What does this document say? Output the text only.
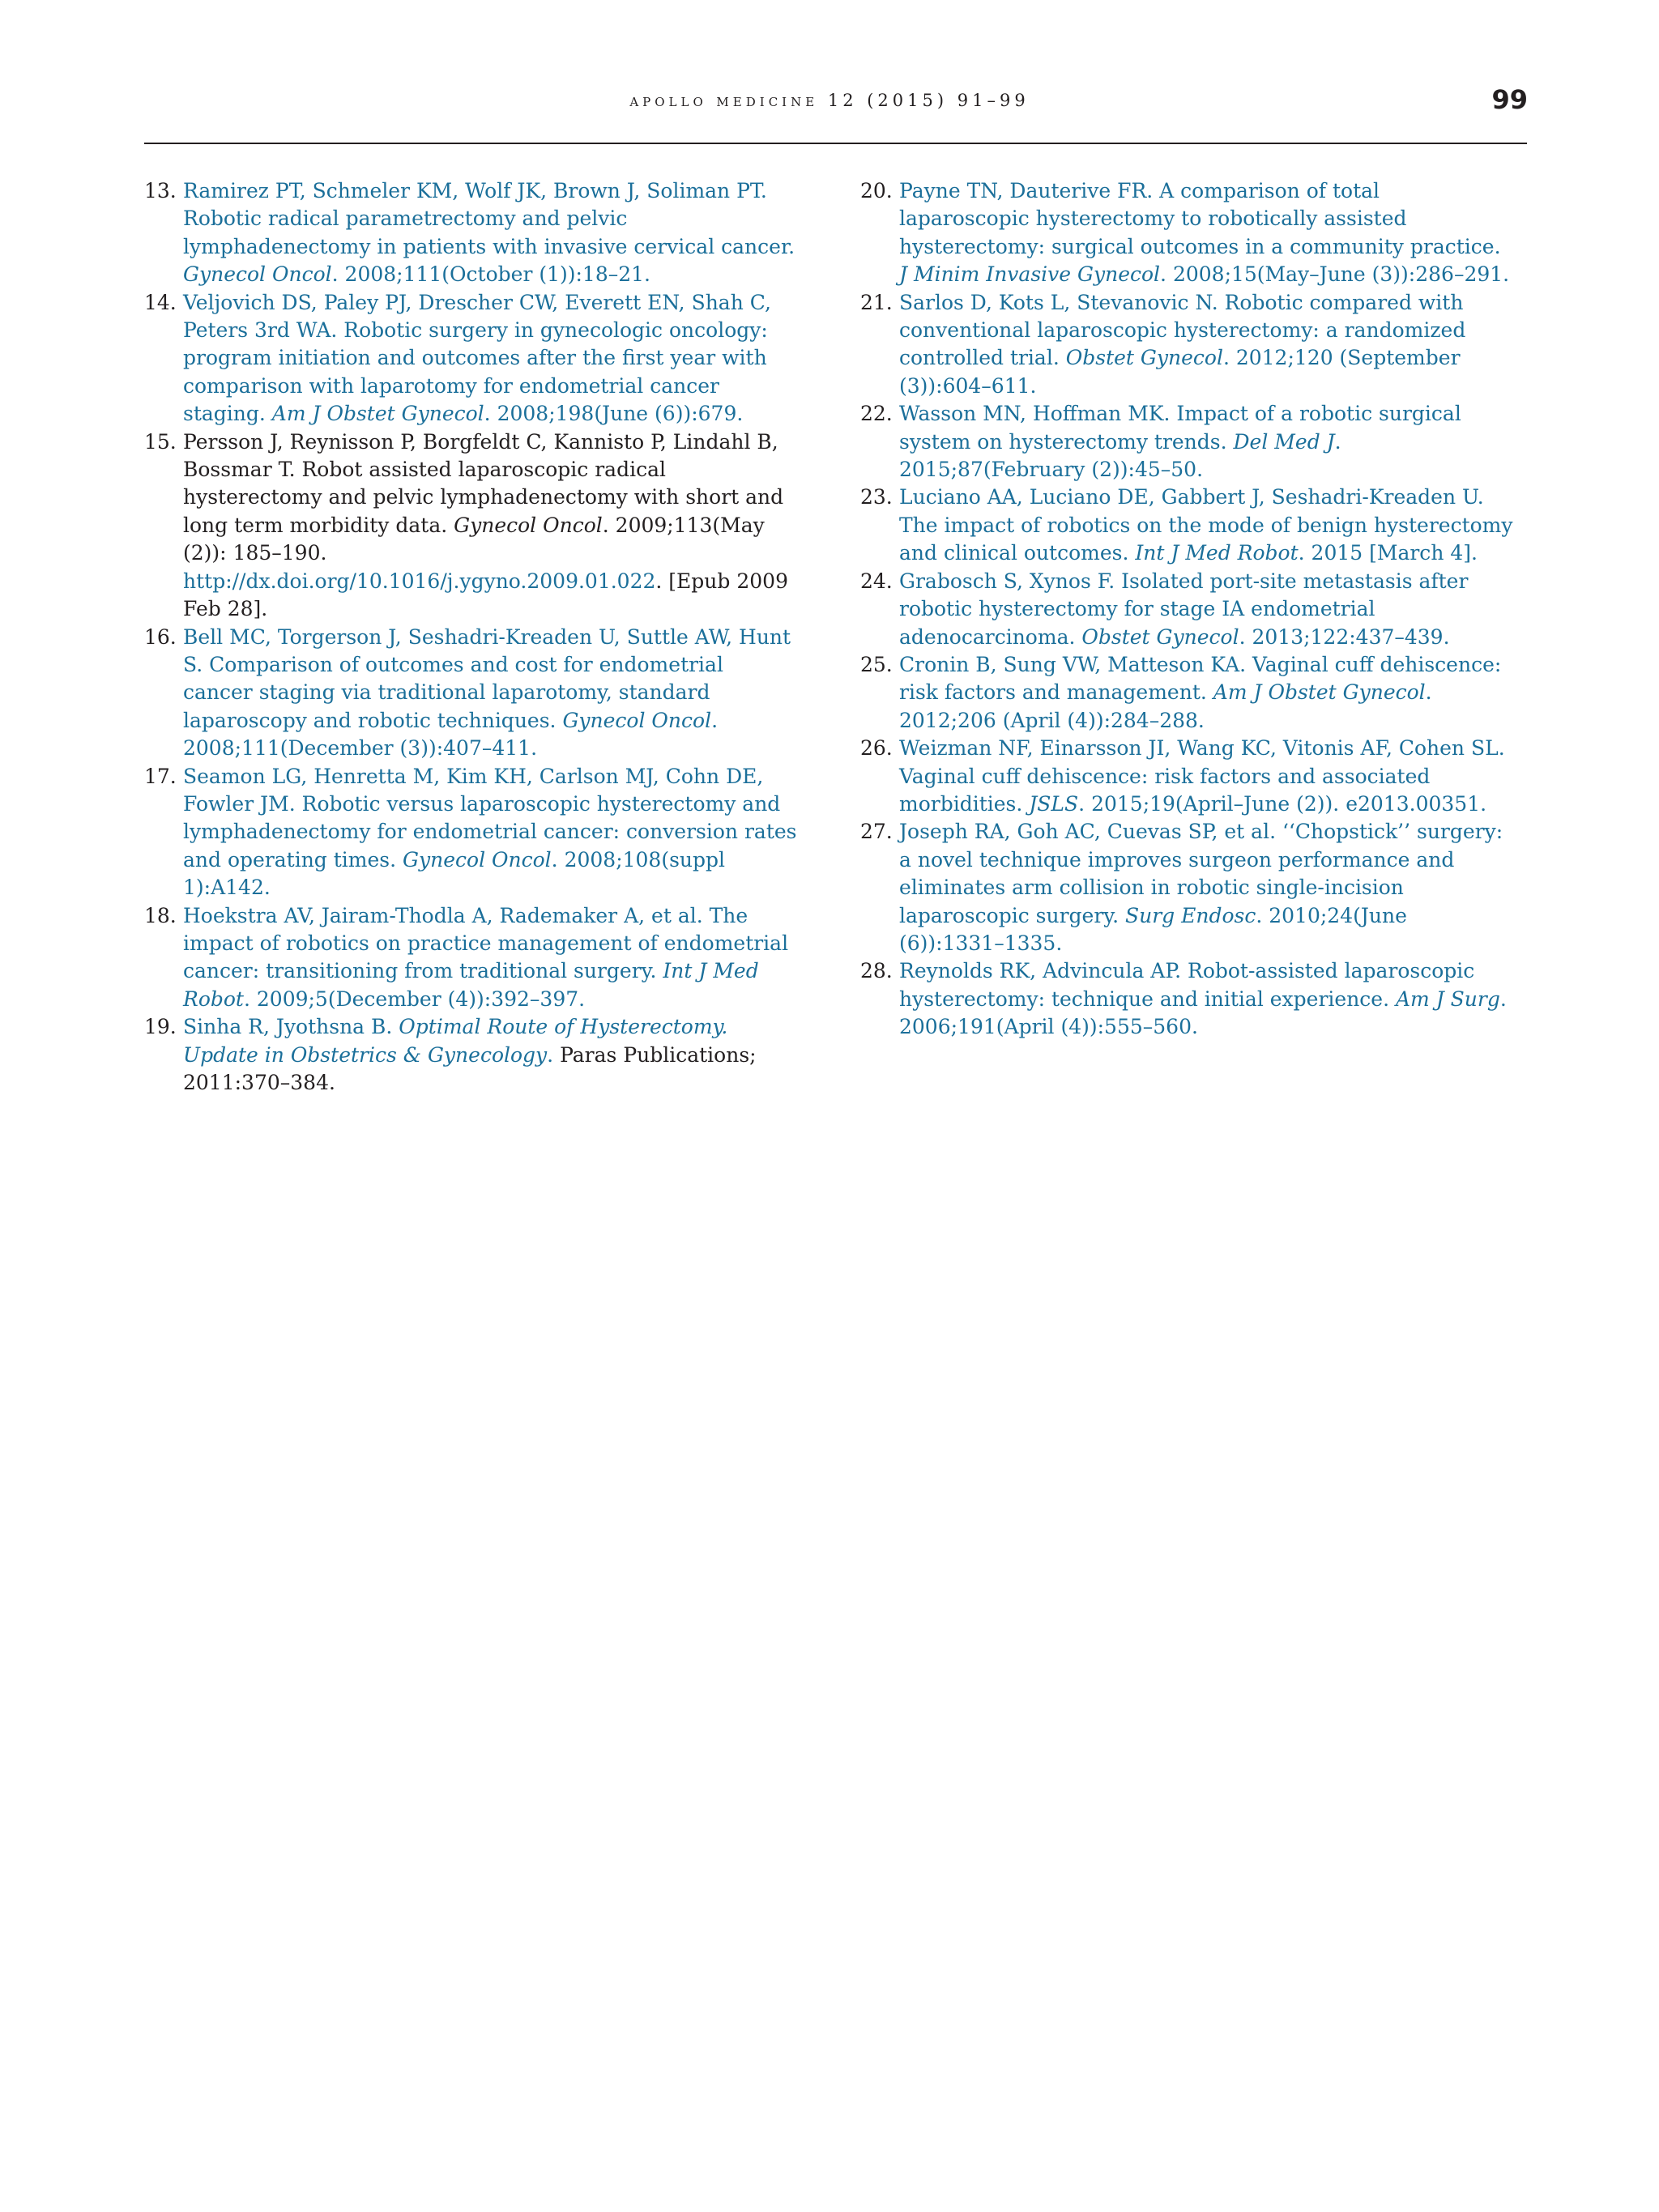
apollo medicine 12 (2015) 91–99	99
13. Ramirez PT, Schmeler KM, Wolf JK, Brown J, Soliman PT. Robotic radical parametrectomy and pelvic lymphadenectomy in patients with invasive cervical cancer. Gynecol Oncol. 2008;111(October (1)):18–21.
14. Veljovich DS, Paley PJ, Drescher CW, Everett EN, Shah C, Peters 3rd WA. Robotic surgery in gynecologic oncology: program initiation and outcomes after the first year with comparison with laparotomy for endometrial cancer staging. Am J Obstet Gynecol. 2008;198(June (6)):679.
15. Persson J, Reynisson P, Borgfeldt C, Kannisto P, Lindahl B, Bossmar T. Robot assisted laparoscopic radical hysterectomy and pelvic lymphadenectomy with short and long term morbidity data. Gynecol Oncol. 2009;113(May (2)): 185–190. http://dx.doi.org/10.1016/j.ygyno.2009.01.022. [Epub 2009 Feb 28].
16. Bell MC, Torgerson J, Seshadri-Kreaden U, Suttle AW, Hunt S. Comparison of outcomes and cost for endometrial cancer staging via traditional laparotomy, standard laparoscopy and robotic techniques. Gynecol Oncol. 2008;111(December (3)):407–411.
17. Seamon LG, Henretta M, Kim KH, Carlson MJ, Cohn DE, Fowler JM. Robotic versus laparoscopic hysterectomy and lymphadenectomy for endometrial cancer: conversion rates and operating times. Gynecol Oncol. 2008;108(suppl 1):A142.
18. Hoekstra AV, Jairam-Thodla A, Rademaker A, et al. The impact of robotics on practice management of endometrial cancer: transitioning from traditional surgery. Int J Med Robot. 2009;5(December (4)):392–397.
19. Sinha R, Jyothsna B. Optimal Route of Hysterectomy. Update in Obstetrics & Gynecology. Paras Publications; 2011:370–384.
20. Payne TN, Dauterive FR. A comparison of total laparoscopic hysterectomy to robotically assisted hysterectomy: surgical outcomes in a community practice. J Minim Invasive Gynecol. 2008;15(May–June (3)):286–291.
21. Sarlos D, Kots L, Stevanovic N. Robotic compared with conventional laparoscopic hysterectomy: a randomized controlled trial. Obstet Gynecol. 2012;120 (September (3)):604–611.
22. Wasson MN, Hoffman MK. Impact of a robotic surgical system on hysterectomy trends. Del Med J. 2015;87(February (2)):45–50.
23. Luciano AA, Luciano DE, Gabbert J, Seshadri-Kreaden U. The impact of robotics on the mode of benign hysterectomy and clinical outcomes. Int J Med Robot. 2015 [March 4].
24. Grabosch S, Xynos F. Isolated port-site metastasis after robotic hysterectomy for stage IA endometrial adenocarcinoma. Obstet Gynecol. 2013;122:437–439.
25. Cronin B, Sung VW, Matteson KA. Vaginal cuff dehiscence: risk factors and management. Am J Obstet Gynecol. 2012;206 (April (4)):284–288.
26. Weizman NF, Einarsson JI, Wang KC, Vitonis AF, Cohen SL. Vaginal cuff dehiscence: risk factors and associated morbidities. JSLS. 2015;19(April–June (2)). e2013.00351.
27. Joseph RA, Goh AC, Cuevas SP, et al. ‘‘Chopstick’’ surgery: a novel technique improves surgeon performance and eliminates arm collision in robotic single-incision laparoscopic surgery. Surg Endosc. 2010;24(June (6)):1331–1335.
28. Reynolds RK, Advincula AP. Robot-assisted laparoscopic hysterectomy: technique and initial experience. Am J Surg. 2006;191(April (4)):555–560.
